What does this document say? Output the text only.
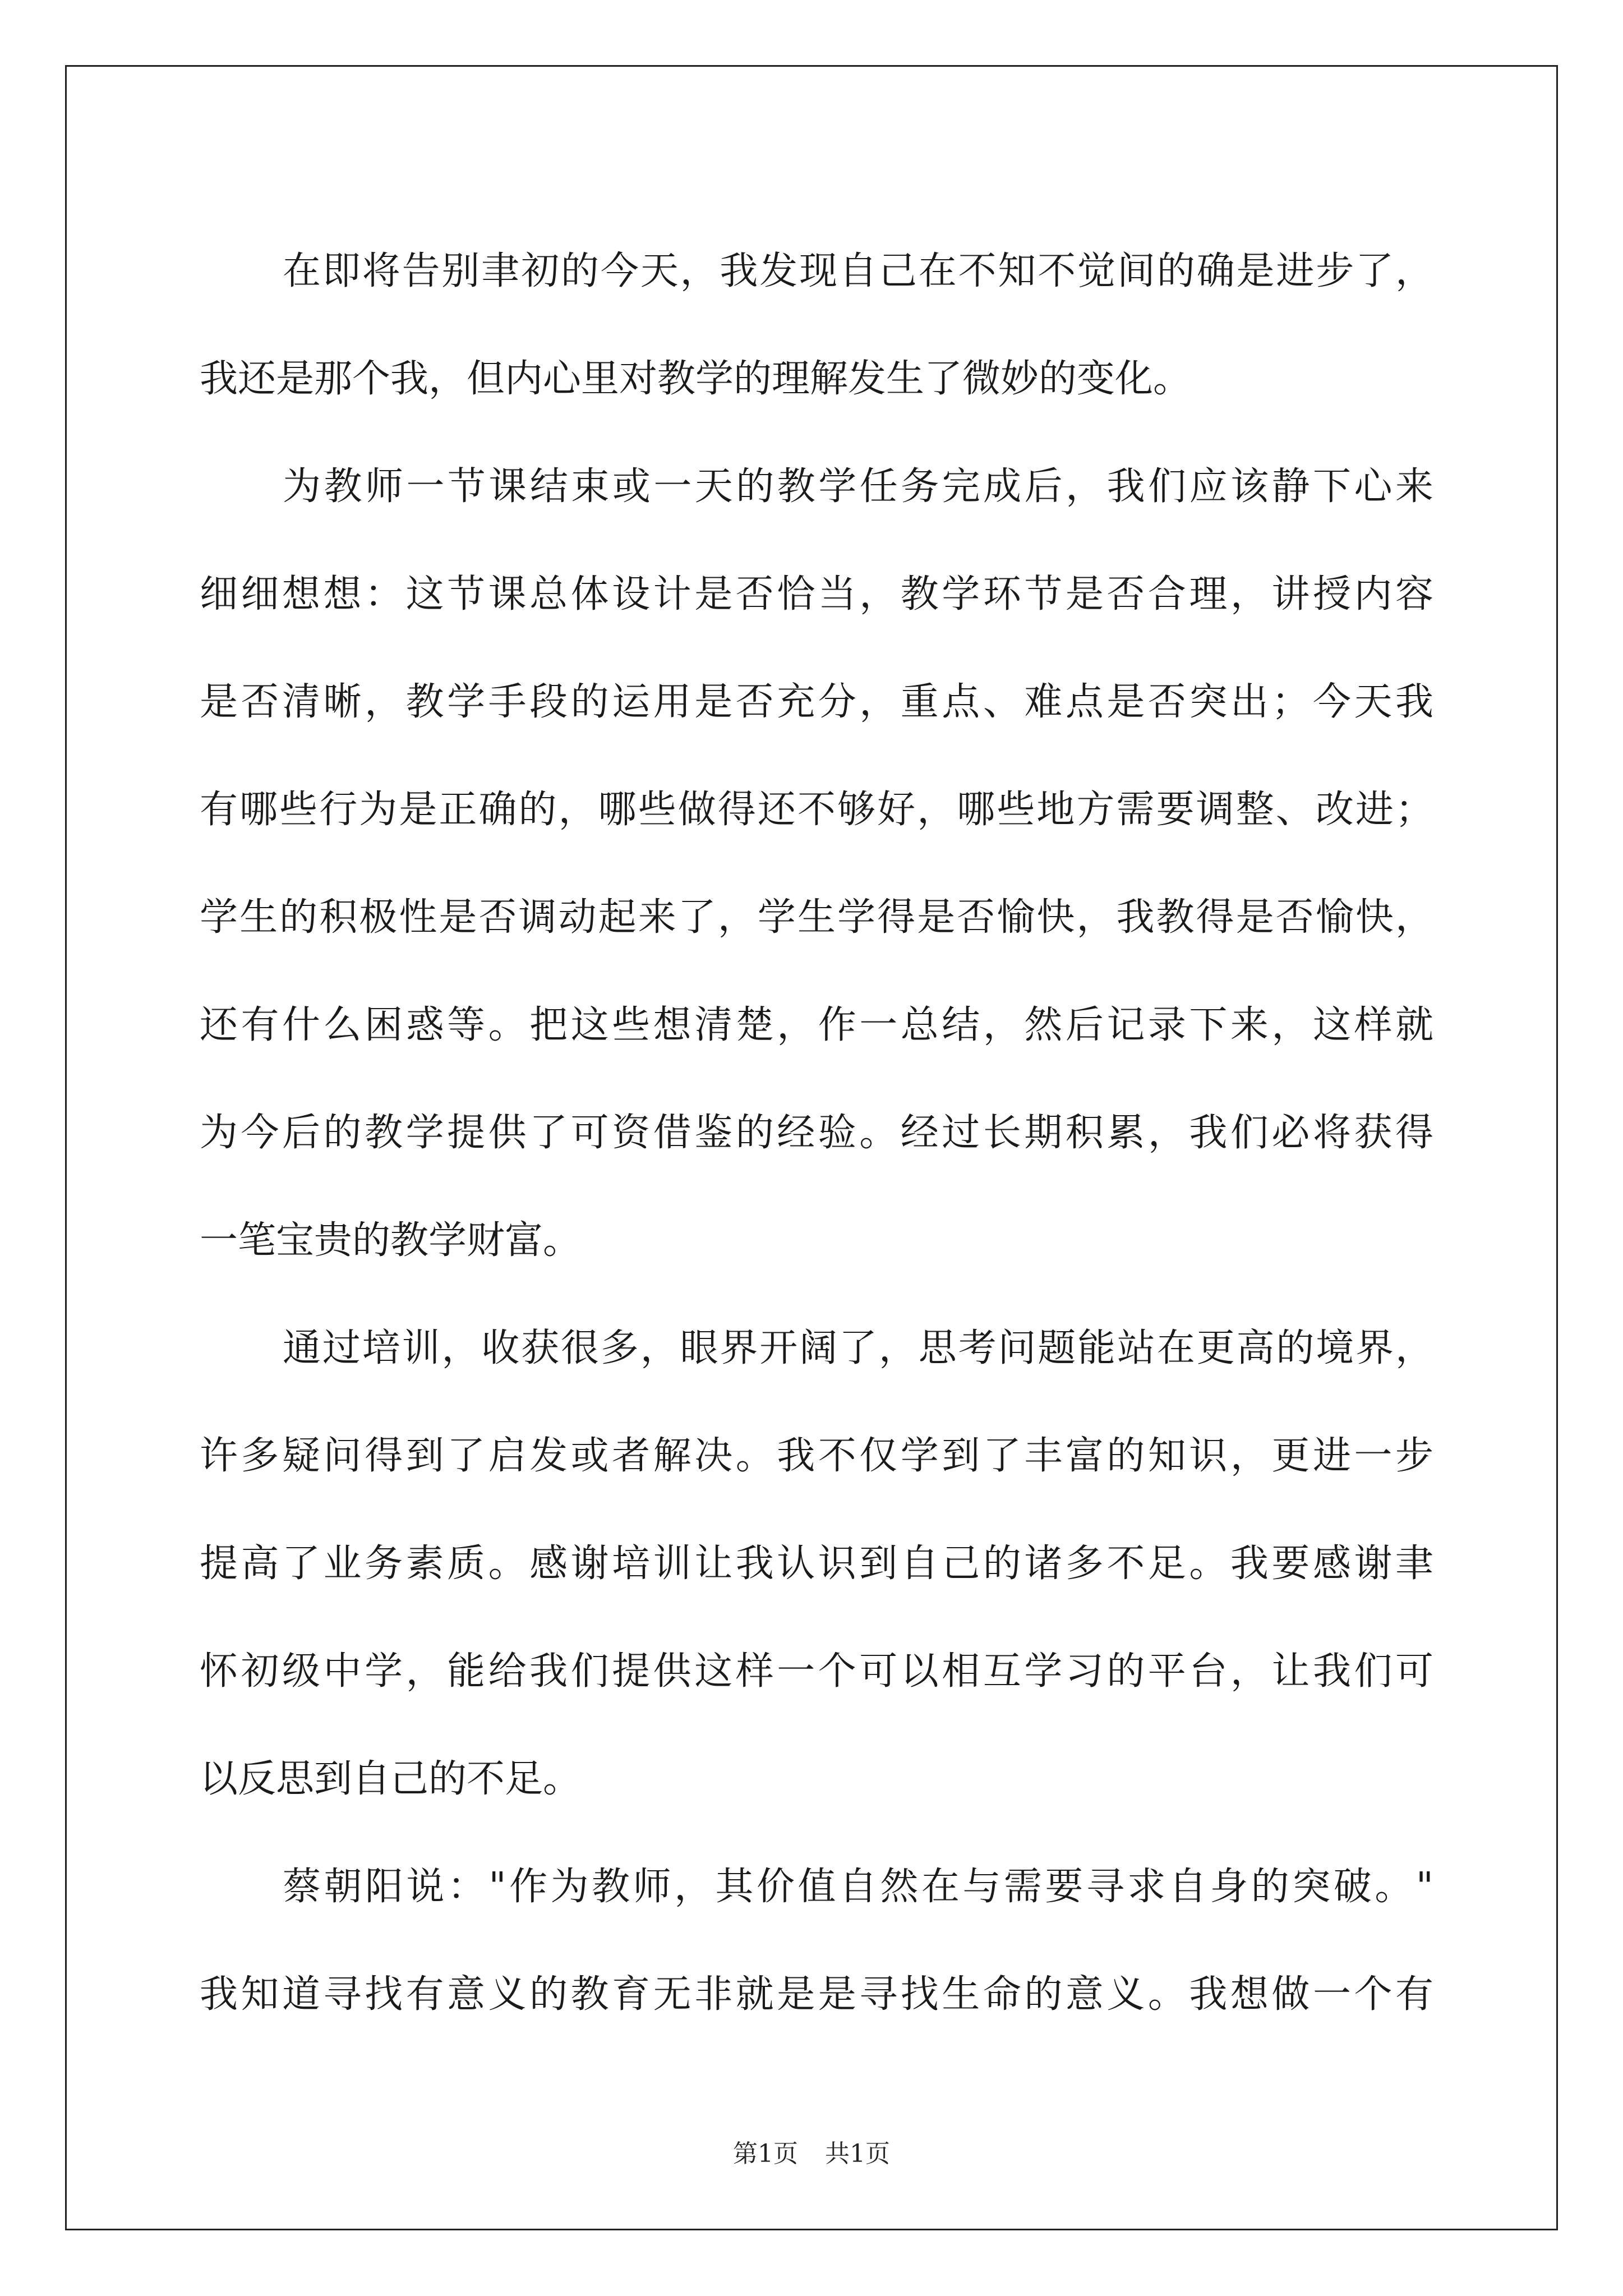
在即将告别聿初的今天，我发现自己在不知不觉间的确是进步了，
我还是那个我，但内心里对教学的理解发生了微妙的变化。
为教师一节课结束或一天的教学任务完成后，我们应该静下心来
细细想想：这节课总体设计是否恰当，教学环节是否合理，讲授内容
是否清晰，教学手段的运用是否充分，重点、难点是否突出；今天我
有哪些行为是正确的，哪些做得还不够好，哪些地方需要调整、改进；
学生的积极性是否调动起来了，学生学得是否愉快，我教得是否愉快，
还有什么困惑等。把这些想清楚，作一总结，然后记录下来，这样就
为今后的教学提供了可资借鉴的经验。经过长期积累，我们必将获得
一笔宝贵的教学财富。
通过培训，收获很多，眼界开阔了，思考问题能站在更高的境界，
许多疑问得到了启发或者解决。我不仅学到了丰富的知识，更进一步
提高了业务素质。感谢培训让我认识到自己的诸多不足。我要感谢聿
怀初级中学，能给我们提供这样一个可以相互学习的平台，让我们可
以反思到自己的不足。
蔡朝阳说："作为教师，其价值自然在与需要寻求自身的突破。"
我知道寻找有意义的教育无非就是是寻找生命的意义。我想做一个有
第1页 共1页
